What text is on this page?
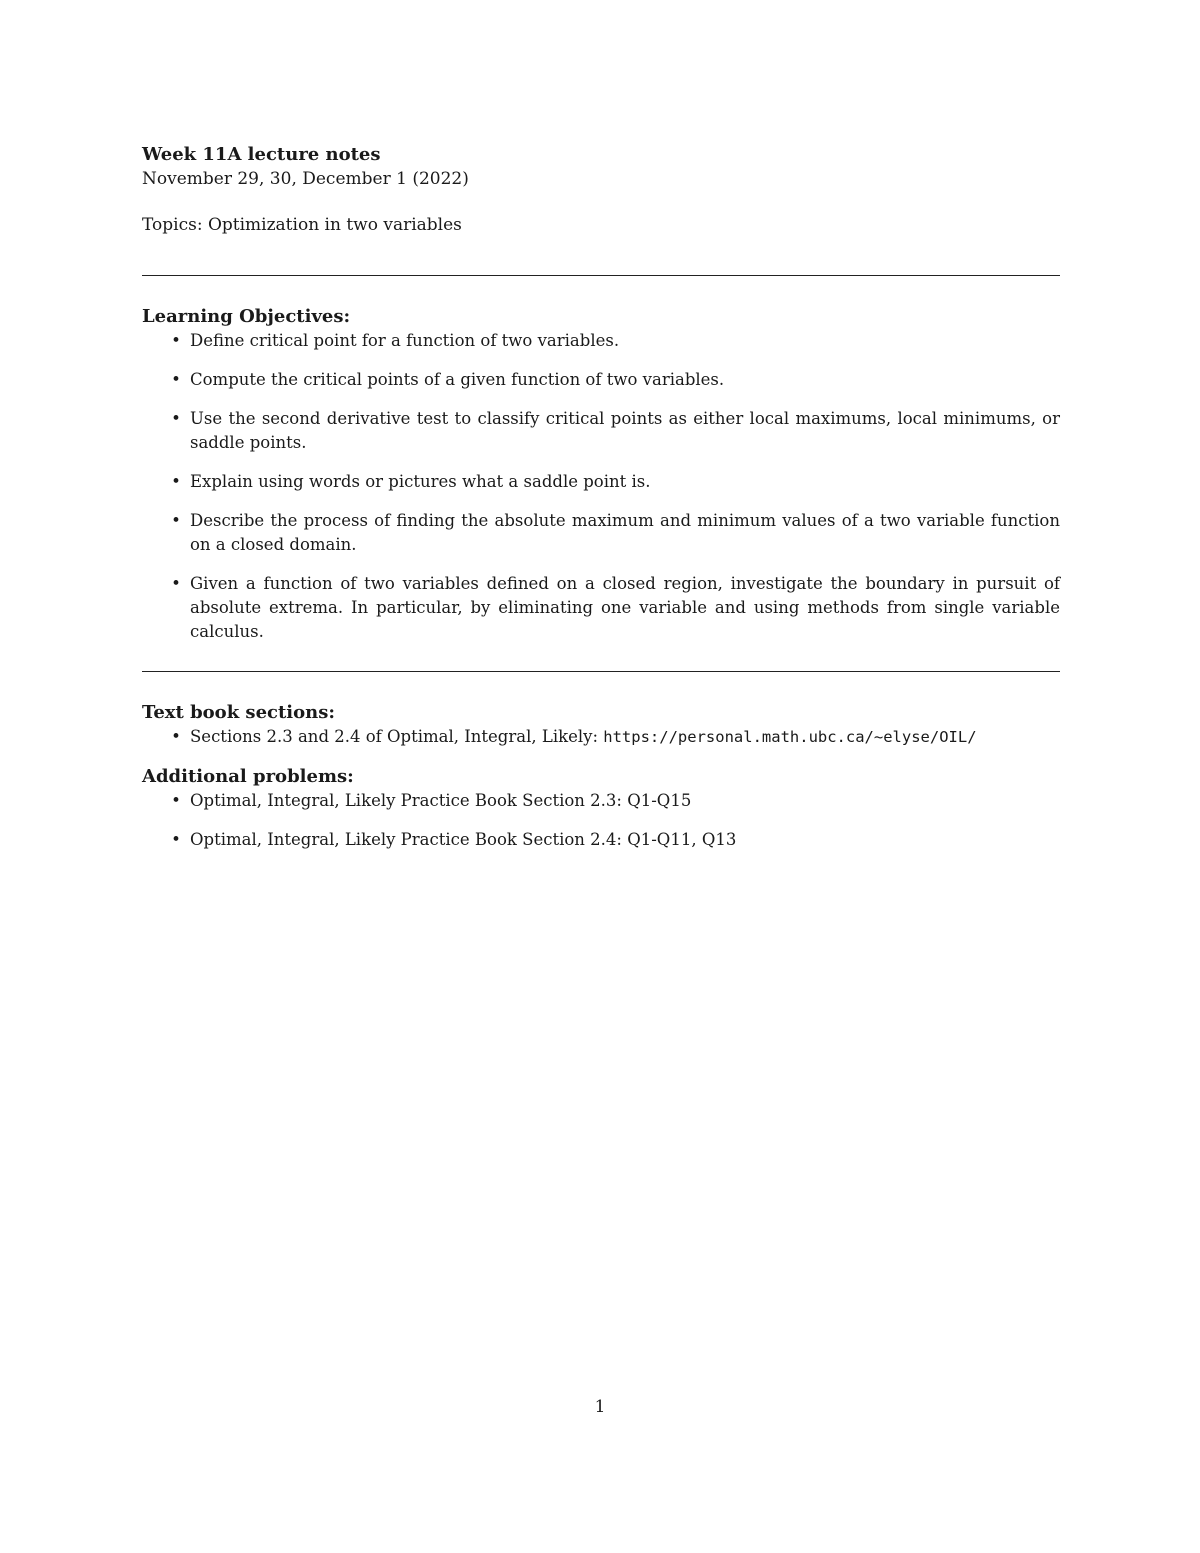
Week 11A lecture notes
November 29, 30, December 1 (2022)
Topics: Optimization in two variables
Learning Objectives:
• Define critical point for a function of two variables.
• Compute the critical points of a given function of two variables.
• Use the second derivative test to classify critical points as either local maximums, local minimums, or saddle points.
• Explain using words or pictures what a saddle point is.
• Describe the process of finding the absolute maximum and minimum values of a two variable function on a closed domain.
• Given a function of two variables defined on a closed region, investigate the boundary in pursuit of absolute extrema. In particular, by eliminating one variable and using methods from single variable calculus.
Text book sections:
• Sections 2.3 and 2.4 of Optimal, Integral, Likely: https://personal.math.ubc.ca/~elyse/OIL/
Additional problems:
• Optimal, Integral, Likely Practice Book Section 2.3: Q1-Q15
• Optimal, Integral, Likely Practice Book Section 2.4: Q1-Q11, Q13
1
